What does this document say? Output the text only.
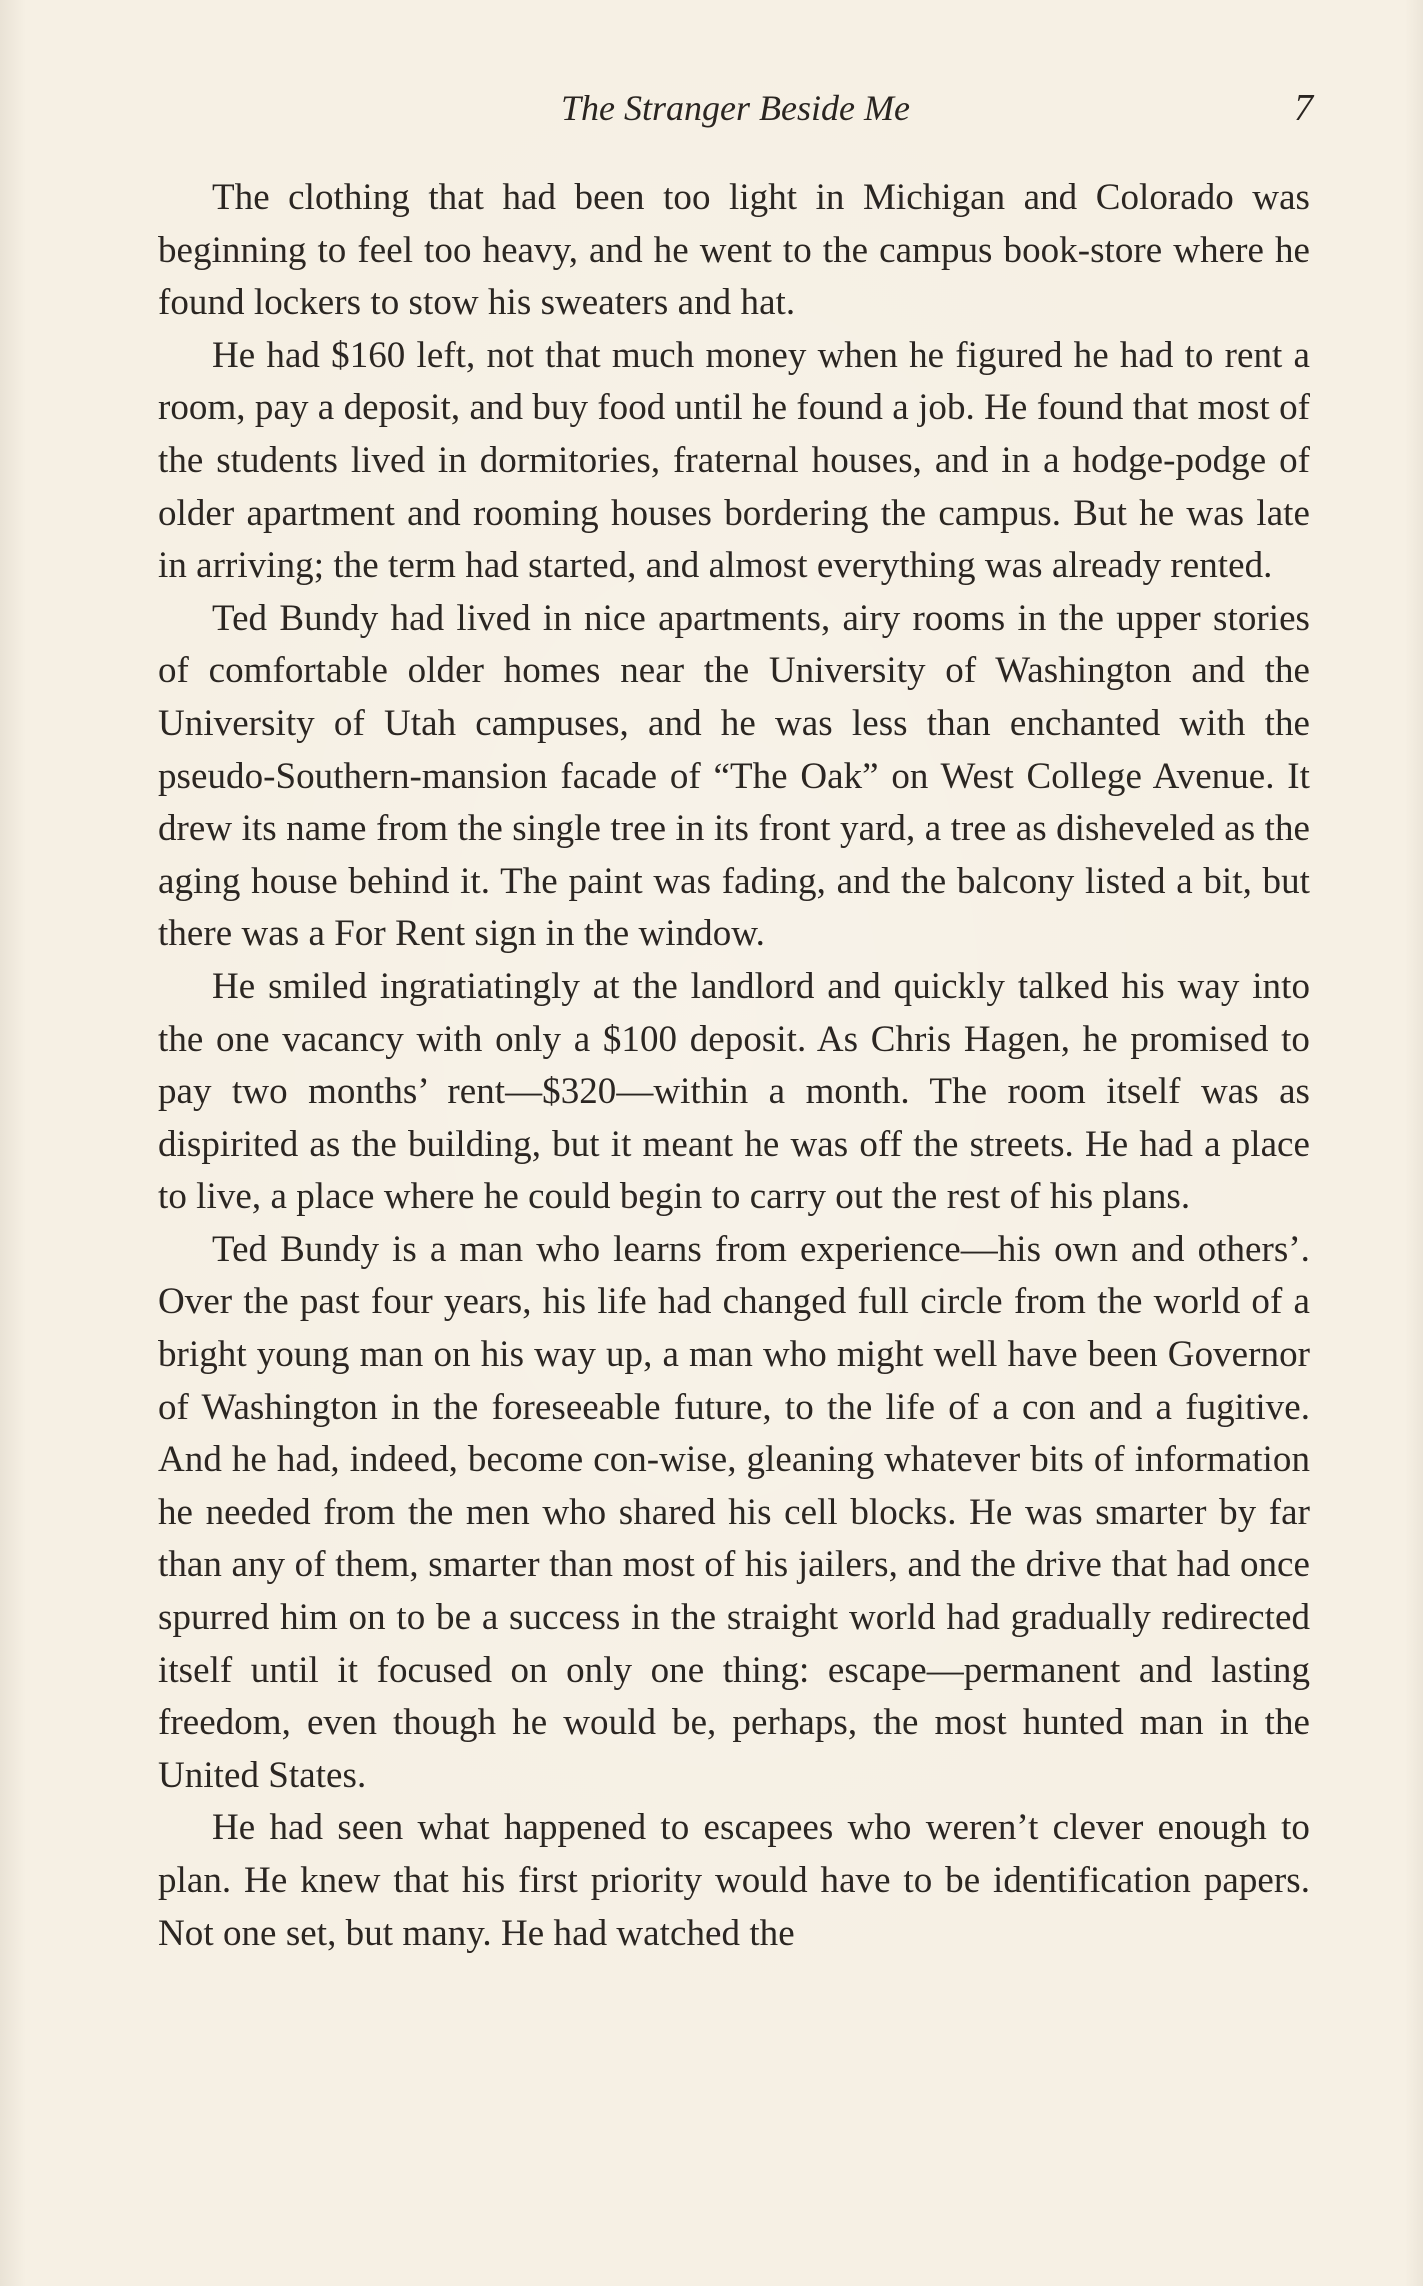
The Stranger Beside Me	7

The clothing that had been too light in Michigan and Colorado was beginning to feel too heavy, and he went to the campus book-store where he found lockers to stow his sweaters and hat.

He had $160 left, not that much money when he figured he had to rent a room, pay a deposit, and buy food until he found a job. He found that most of the students lived in dormitories, fraternal houses, and in a hodge-podge of older apartment and rooming houses bordering the campus. But he was late in arriving; the term had started, and almost everything was already rented.

Ted Bundy had lived in nice apartments, airy rooms in the upper stories of comfortable older homes near the University of Washington and the University of Utah campuses, and he was less than enchanted with the pseudo-Southern-mansion facade of “The Oak” on West College Avenue. It drew its name from the single tree in its front yard, a tree as disheveled as the aging house behind it. The paint was fading, and the balcony listed a bit, but there was a For Rent sign in the window.

He smiled ingratiatingly at the landlord and quickly talked his way into the one vacancy with only a $100 deposit. As Chris Hagen, he promised to pay two months’ rent—$320—within a month. The room itself was as dispirited as the building, but it meant he was off the streets. He had a place to live, a place where he could begin to carry out the rest of his plans.

Ted Bundy is a man who learns from experience—his own and others’. Over the past four years, his life had changed full circle from the world of a bright young man on his way up, a man who might well have been Governor of Washington in the foreseeable future, to the life of a con and a fugitive. And he had, indeed, become con-wise, gleaning whatever bits of information he needed from the men who shared his cell blocks. He was smarter by far than any of them, smarter than most of his jailers, and the drive that had once spurred him on to be a success in the straight world had gradually redirected itself until it focused on only one thing: escape—permanent and lasting freedom, even though he would be, perhaps, the most hunted man in the United States.

He had seen what happened to escapees who weren’t clever enough to plan. He knew that his first priority would have to be identification papers. Not one set, but many. He had watched the
